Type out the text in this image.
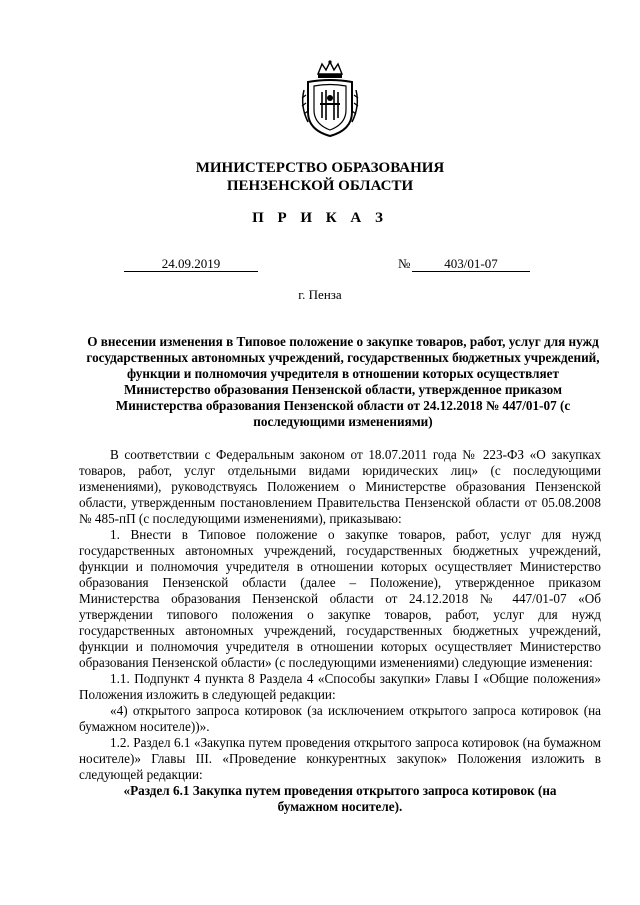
МИНИСТЕРСТВО ОБРАЗОВАНИЯ
ПЕНЗЕНСКОЙ ОБЛАСТИ
П Р И К А З
24.09.2019	№	403/01-07
г. Пенза
О внесении изменения в Типовое положение о закупке товаров, работ, услуг для нужд государственных автономных учреждений, государственных бюджетных учреждений, функции и полномочия учредителя в отношении которых осуществляет Министерство образования Пензенской области, утвержденное приказом Министерства образования Пензенской области от 24.12.2018 № 447/01-07 (с последующими изменениями)

В соответствии с Федеральным законом от 18.07.2011 года № 223-ФЗ «О закупках товаров, работ, услуг отдельными видами юридических лиц» (с последующими изменениями), руководствуясь Положением о Министерстве образования Пензенской области, утвержденным постановлением Правительства Пензенской области от 05.08.2008 № 485-пП (с последующими изменениями), приказываю:

1. Внести в Типовое положение о закупке товаров, работ, услуг для нужд государственных автономных учреждений, государственных бюджетных учреждений, функции и полномочия учредителя в отношении которых осуществляет Министерство образования Пензенской области (далее – Положение), утвержденное приказом Министерства образования Пензенской области от 24.12.2018 № 447/01-07 «Об утверждении типового положения о закупке товаров, работ, услуг для нужд государственных автономных учреждений, государственных бюджетных учреждений, функции и полномочия учредителя в отношении которых осуществляет Министерство образования Пензенской области» (с последующими изменениями) следующие изменения:

1.1. Подпункт 4 пункта 8 Раздела 4 «Способы закупки» Главы I «Общие положения» Положения изложить в следующей редакции:

«4) открытого запроса котировок (за исключением открытого запроса котировок (на бумажном носителе))».

1.2. Раздел 6.1 «Закупка путем проведения открытого запроса котировок (на бумажном носителе)» Главы III. «Проведение конкурентных закупок» Положения изложить в следующей редакции:

«Раздел 6.1 Закупка путем проведения открытого запроса котировок (на бумажном носителе).
